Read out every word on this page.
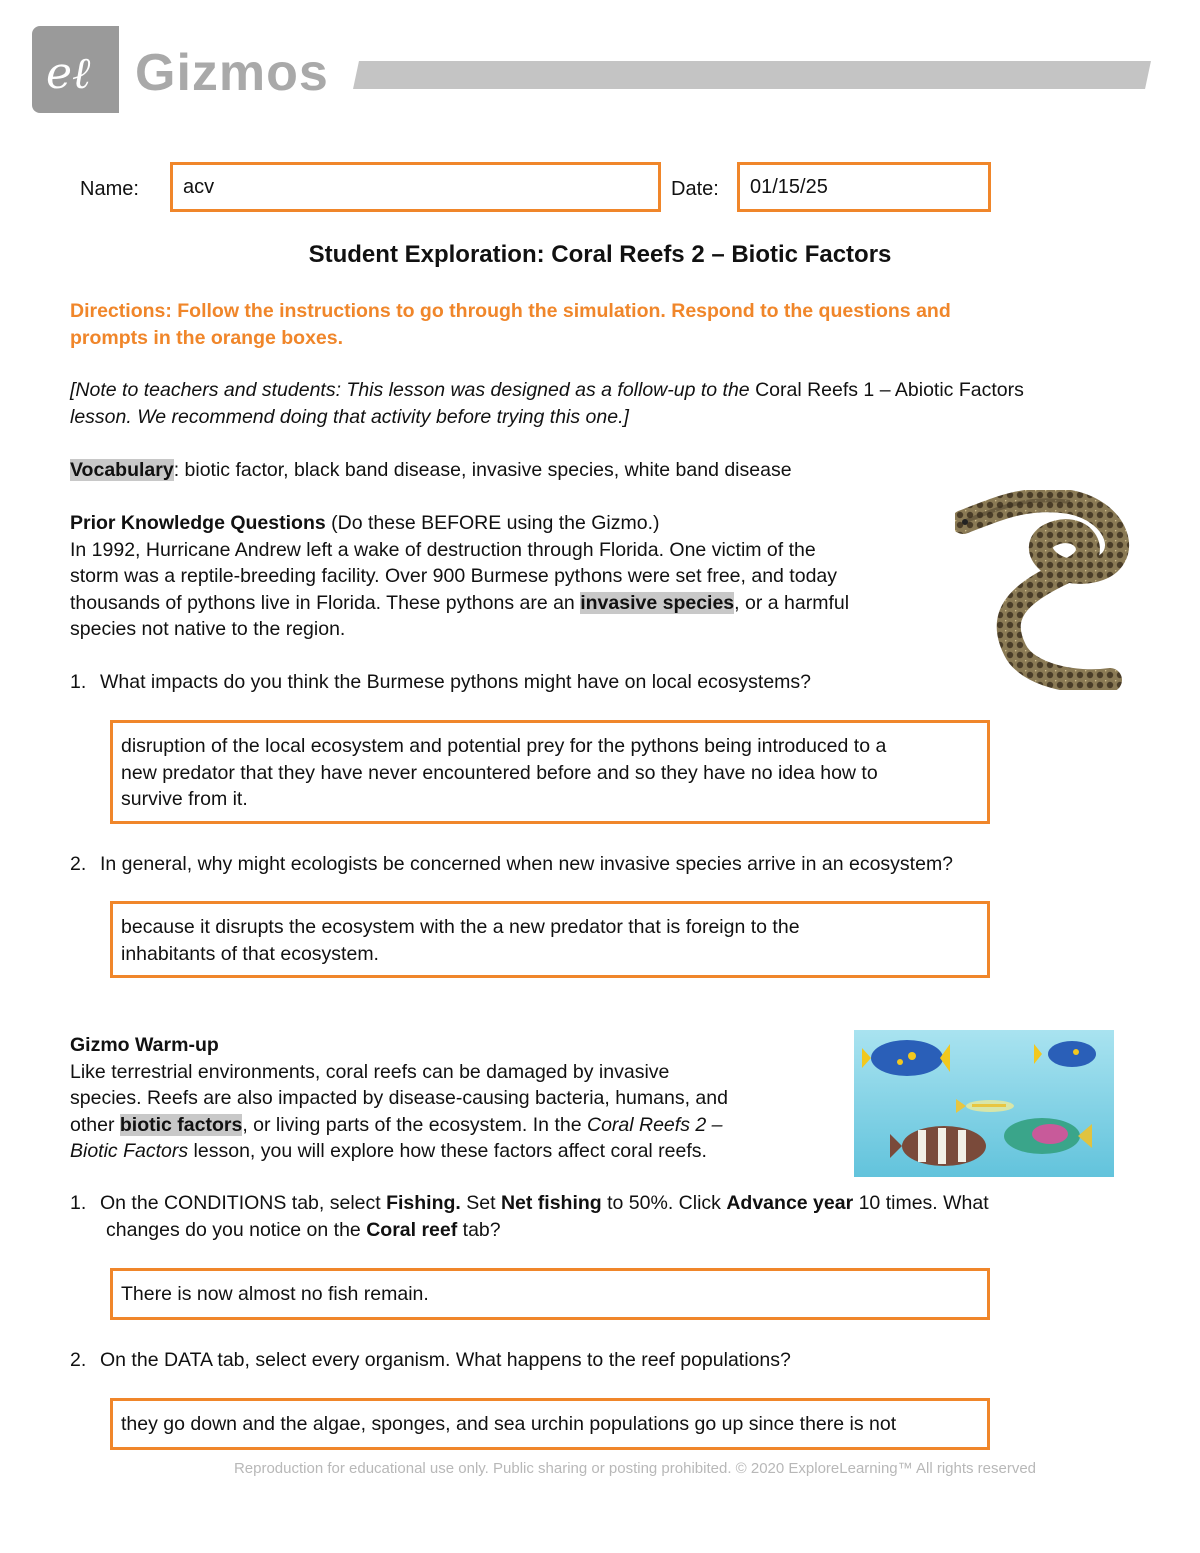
eℓ Gizmos
Name:	acv	Date:	01/15/25
Student Exploration: Coral Reefs 2 – Biotic Factors
Directions: Follow the instructions to go through the simulation. Respond to the questions and
prompts in the orange boxes.
[Note to teachers and students: This lesson was designed as a follow-up to the Coral Reefs 1 – Abiotic Factors
lesson. We recommend doing that activity before trying this one.]
Vocabulary: biotic factor, black band disease, invasive species, white band disease
Prior Knowledge Questions (Do these BEFORE using the Gizmo.)
In 1992, Hurricane Andrew left a wake of destruction through Florida. One victim of the
storm was a reptile-breeding facility. Over 900 Burmese pythons were set free, and today
thousands of pythons live in Florida. These pythons are an invasive species, or a harmful
species not native to the region.
1. What impacts do you think the Burmese pythons might have on local ecosystems?
disruption of the local ecosystem and potential prey for the pythons being introduced to a
new predator that they have never encountered before and so they have no idea how to
survive from it.
2. In general, why might ecologists be concerned when new invasive species arrive in an ecosystem?
because it disrupts the ecosystem with the a new predator that is foreign to the
inhabitants of that ecosystem.
Gizmo Warm-up
Like terrestrial environments, coral reefs can be damaged by invasive
species. Reefs are also impacted by disease-causing bacteria, humans, and
other biotic factors, or living parts of the ecosystem. In the Coral Reefs 2 –
Biotic Factors lesson, you will explore how these factors affect coral reefs.
1. On the CONDITIONS tab, select Fishing. Set Net fishing to 50%. Click Advance year 10 times. What
changes do you notice on the Coral reef tab?
There is now almost no fish remain.
2. On the DATA tab, select every organism. What happens to the reef populations?
they go down and the algae, sponges, and sea urchin populations go up since there is not
Reproduction for educational use only. Public sharing or posting prohibited. © 2020 ExploreLearning™ All rights reserved
